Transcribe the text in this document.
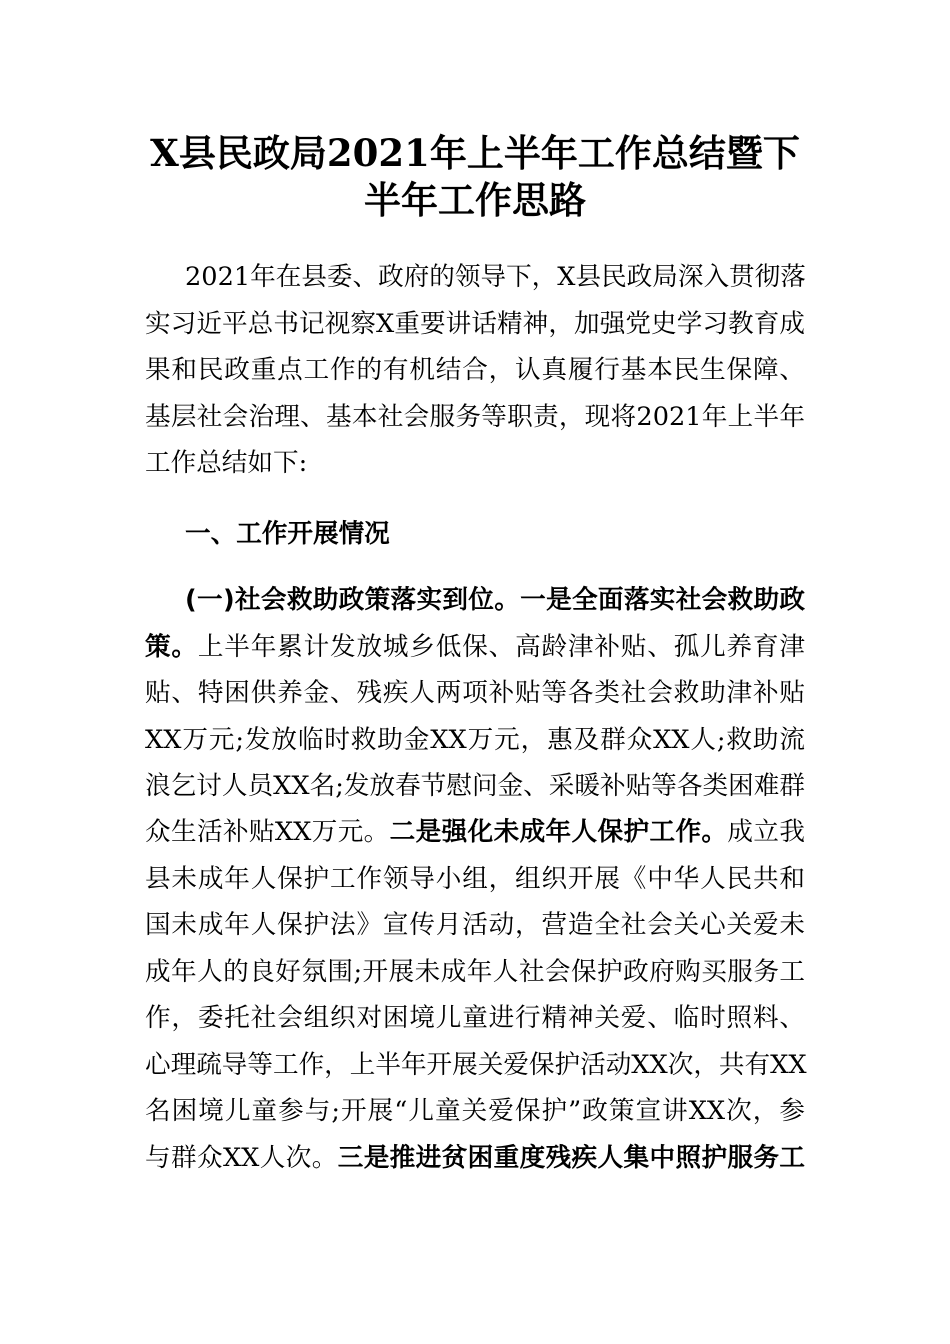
X县民政局2021年上半年工作总结暨下
半年工作思路
2021年在县委、政府的领导下，X县民政局深入贯彻落
实习近平总书记视察X重要讲话精神，加强党史学习教育成
果和民政重点工作的有机结合，认真履行基本民生保障、
基层社会治理、基本社会服务等职责，现将2021年上半年
工作总结如下:
一、工作开展情况
(一)社会救助政策落实到位。一是全面落实社会救助政
策。上半年累计发放城乡低保、高龄津补贴、孤儿养育津
贴、特困供养金、残疾人两项补贴等各类社会救助津补贴
XX万元;发放临时救助金XX万元，惠及群众XX人;救助流
浪乞讨人员XX名;发放春节慰问金、采暖补贴等各类困难群
众生活补贴XX万元。二是强化未成年人保护工作。成立我
县未成年人保护工作领导小组，组织开展《中华人民共和
国未成年人保护法》宣传月活动，营造全社会关心关爱未
成年人的良好氛围;开展未成年人社会保护政府购买服务工
作，委托社会组织对困境儿童进行精神关爱、临时照料、
心理疏导等工作，上半年开展关爱保护活动XX次，共有XX
名困境儿童参与;开展“儿童关爱保护”政策宣讲XX次，参
与群众XX人次。三是推进贫困重度残疾人集中照护服务工
